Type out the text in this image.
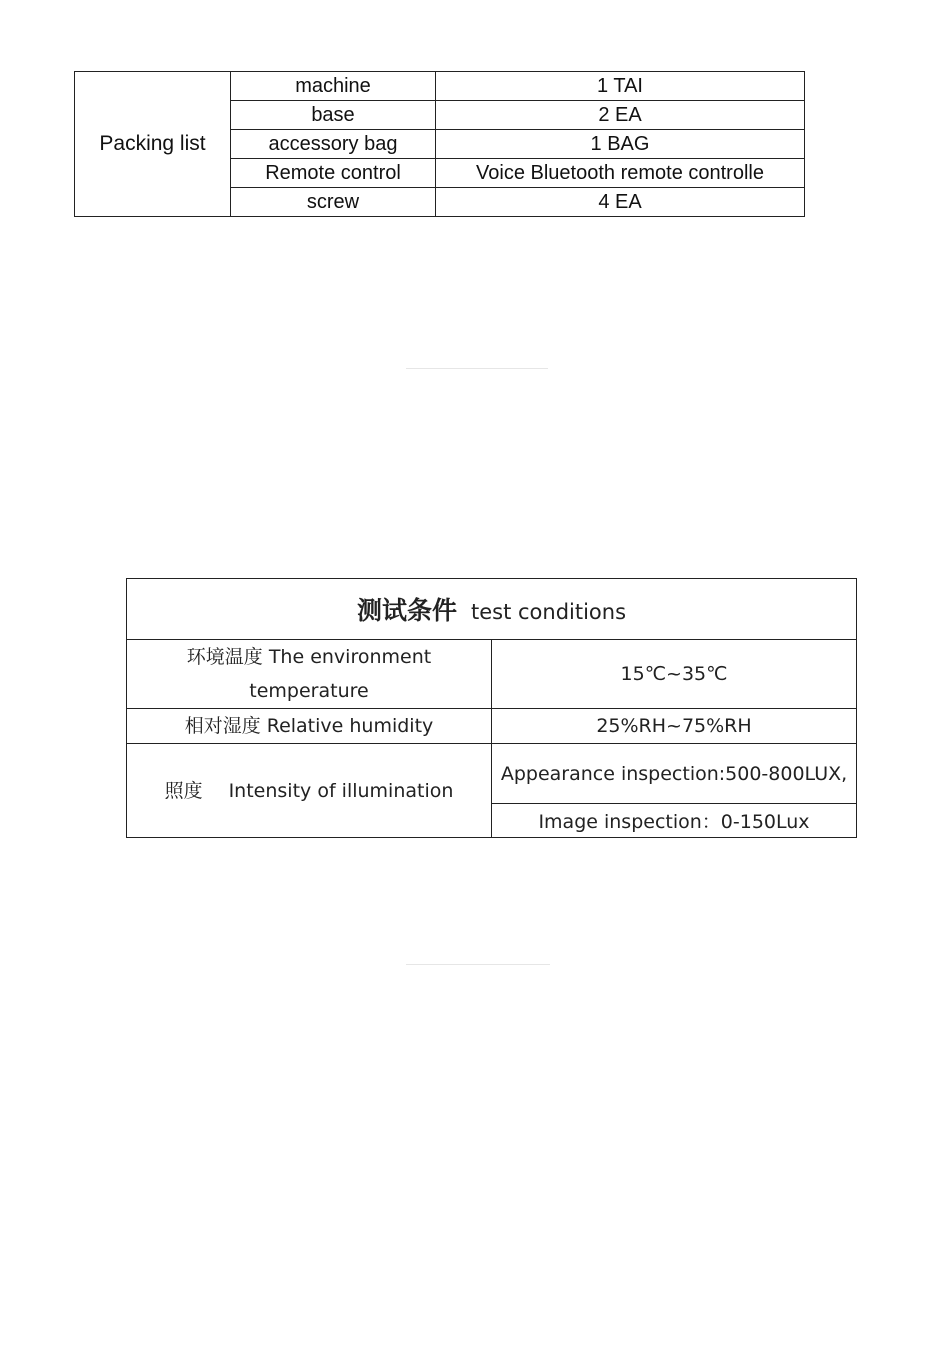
Packing list	machine	1 TAI
	base	2 EA
	accessory bag	1 BAG
	Remote control	Voice Bluetooth remote controlle
	screw	4 EA
测试条件 test conditions	
环境温度 The environment temperature	15℃~35℃
相对湿度 Relative humidity	25%RH~75%RH
照度 Intensity of illumination	Appearance inspection:500-800LUX,
	Image inspection：0-150Lux
